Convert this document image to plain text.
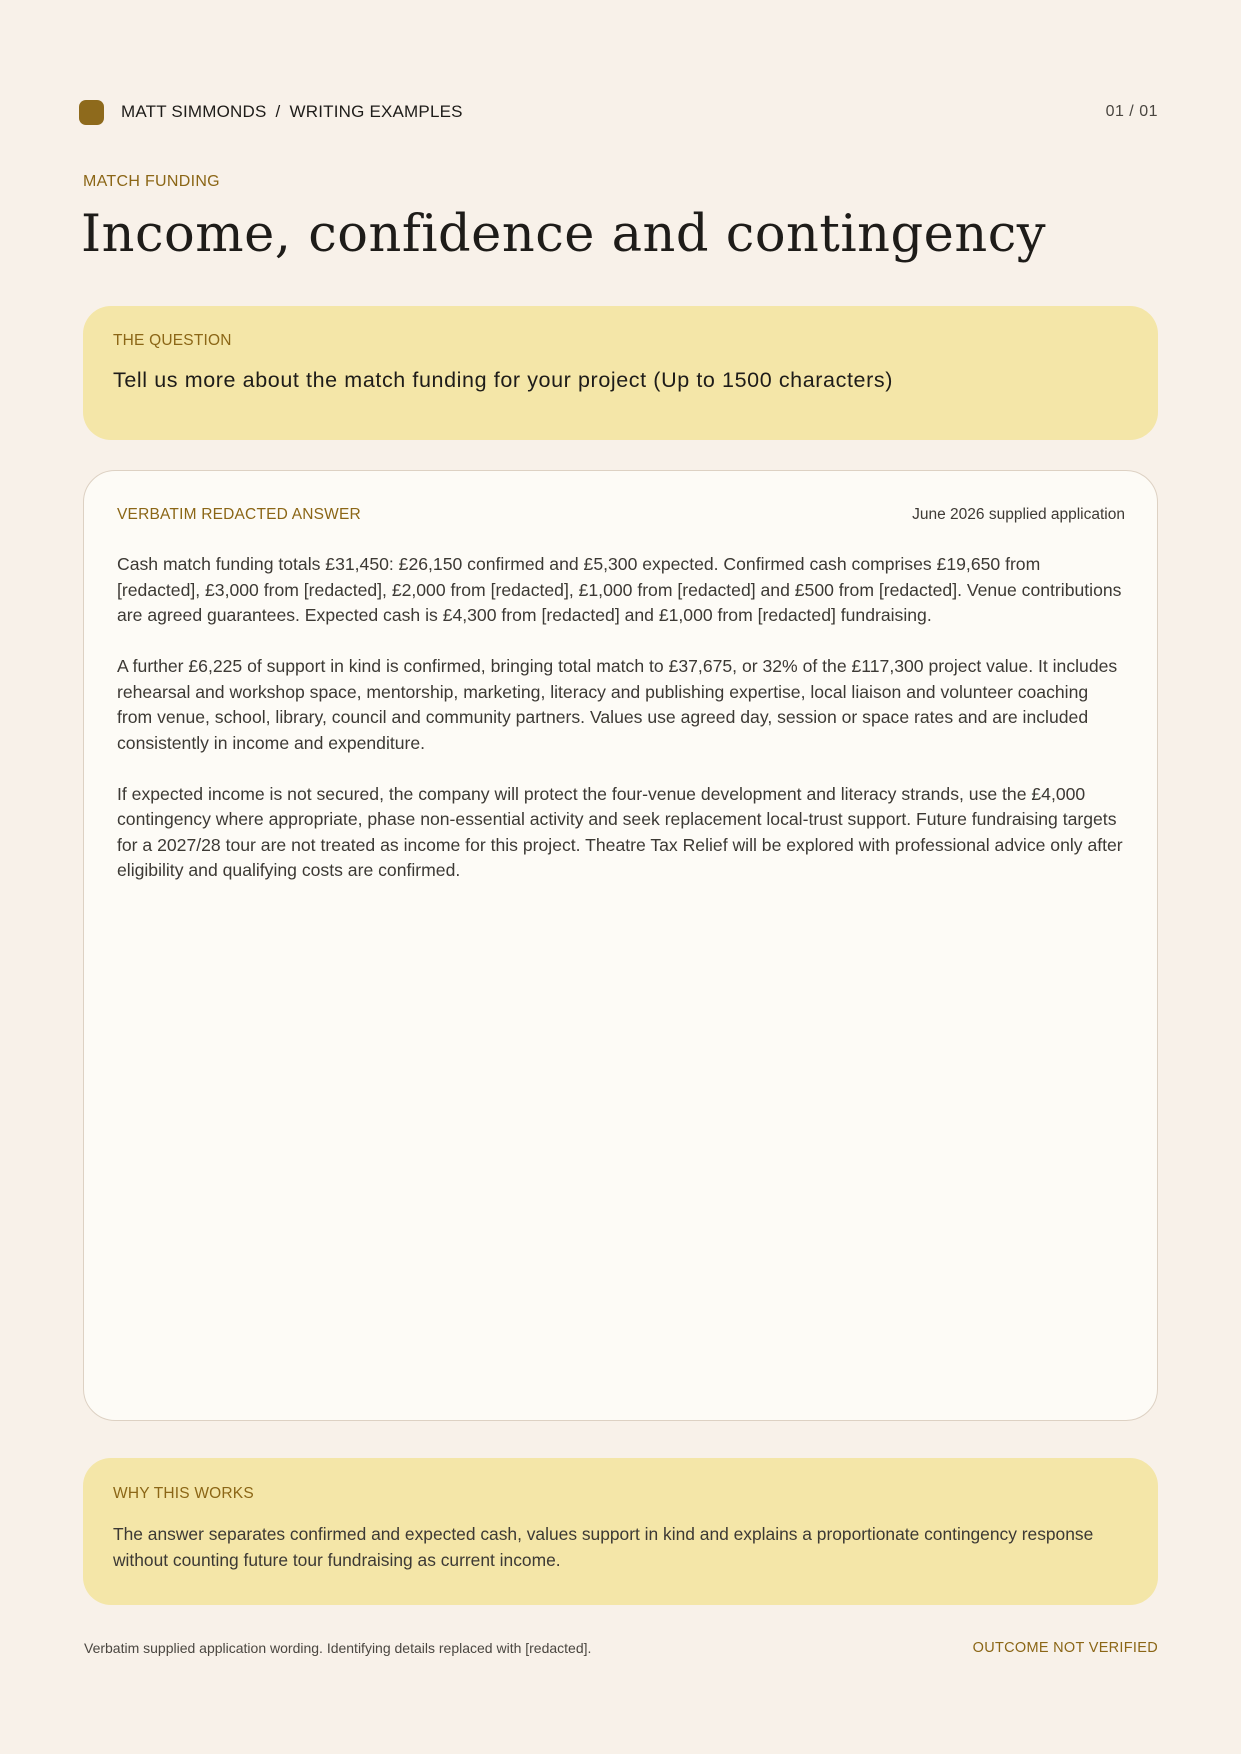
MATT SIMMONDS / WRITING EXAMPLES	01 / 01
MATCH FUNDING
Income, confidence and contingency
THE QUESTION
Tell us more about the match funding for your project (Up to 1500 characters)
VERBATIM REDACTED ANSWER	June 2026 supplied application

Cash match funding totals £31,450: £26,150 confirmed and £5,300 expected. Confirmed cash comprises £19,650 from [redacted], £3,000 from [redacted], £2,000 from [redacted], £1,000 from [redacted] and £500 from [redacted]. Venue contributions are agreed guarantees. Expected cash is £4,300 from [redacted] and £1,000 from [redacted] fundraising.

A further £6,225 of support in kind is confirmed, bringing total match to £37,675, or 32% of the £117,300 project value. It includes rehearsal and workshop space, mentorship, marketing, literacy and publishing expertise, local liaison and volunteer coaching from venue, school, library, council and community partners. Values use agreed day, session or space rates and are included consistently in income and expenditure.

If expected income is not secured, the company will protect the four-venue development and literacy strands, use the £4,000 contingency where appropriate, phase non-essential activity and seek replacement local-trust support. Future fundraising targets for a 2027/28 tour are not treated as income for this project. Theatre Tax Relief will be explored with professional advice only after eligibility and qualifying costs are confirmed.

WHY THIS WORKS
The answer separates confirmed and expected cash, values support in kind and explains a proportionate contingency response without counting future tour fundraising as current income.
Verbatim supplied application wording. Identifying details replaced with [redacted].	OUTCOME NOT VERIFIED
